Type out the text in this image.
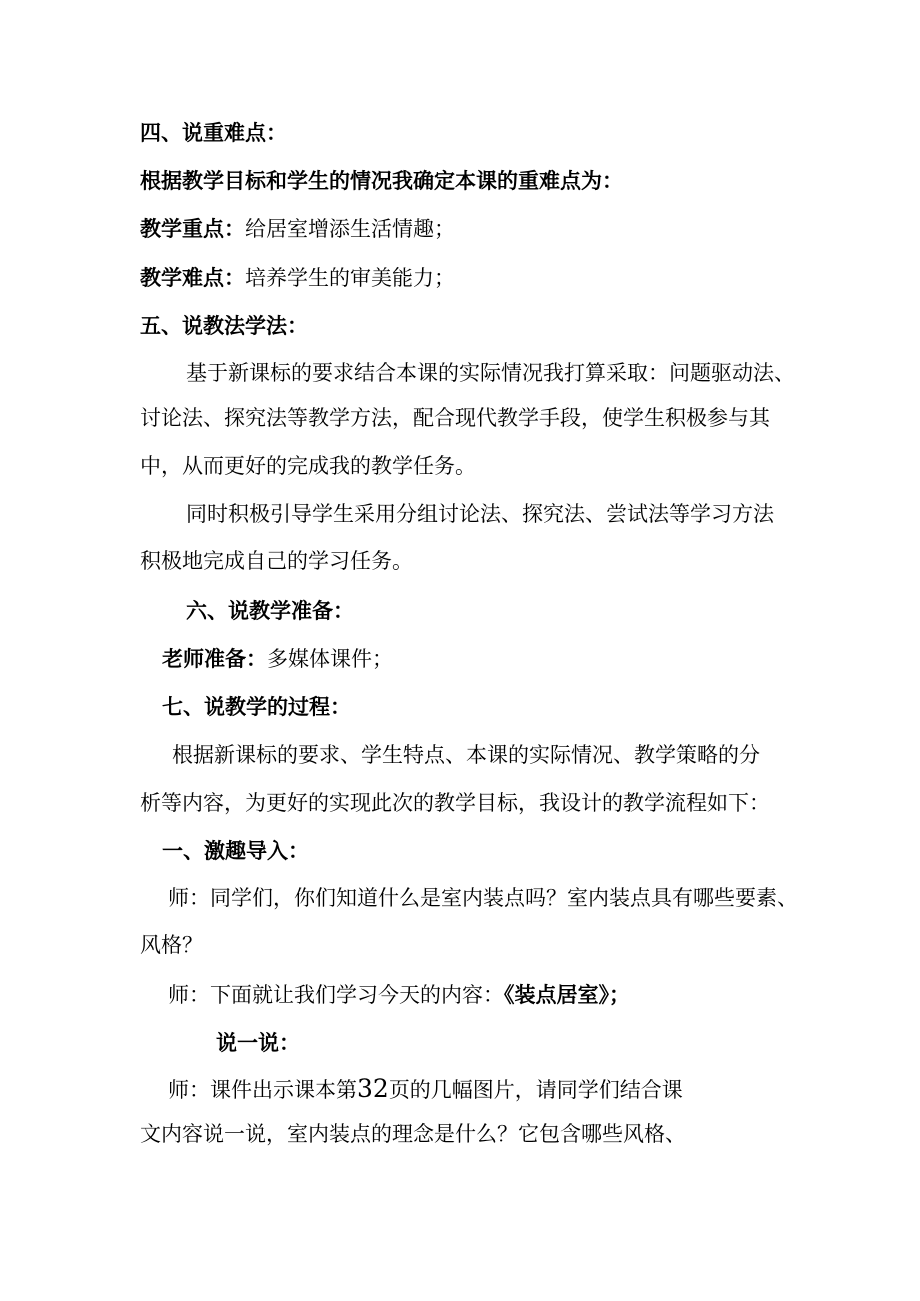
四、说重难点：
根据教学目标和学生的情况我确定本课的重难点为：
教学重点：给居室增添生活情趣；
教学难点：培养学生的审美能力；
五、说教法学法：
基于新课标的要求结合本课的实际情况我打算采取：问题驱动法、
讨论法、探究法等教学方法，配合现代教学手段，使学生积极参与其
中，从而更好的完成我的教学任务。
同时积极引导学生采用分组讨论法、探究法、尝试法等学习方法
积极地完成自己的学习任务。
六、说教学准备：
老师准备：多媒体课件；
七、说教学的过程：
根据新课标的要求、学生特点、本课的实际情况、教学策略的分
析等内容，为更好的实现此次的教学目标，我设计的教学流程如下：
一、激趣导入：
师：同学们，你们知道什么是室内装点吗？室内装点具有哪些要素、
风格？
师：下面就让我们学习今天的内容：《装点居室》；
说一说：
师：课件出示课本第32页的几幅图片，请同学们结合课
文内容说一说，室内装点的理念是什么？它包含哪些风格、
